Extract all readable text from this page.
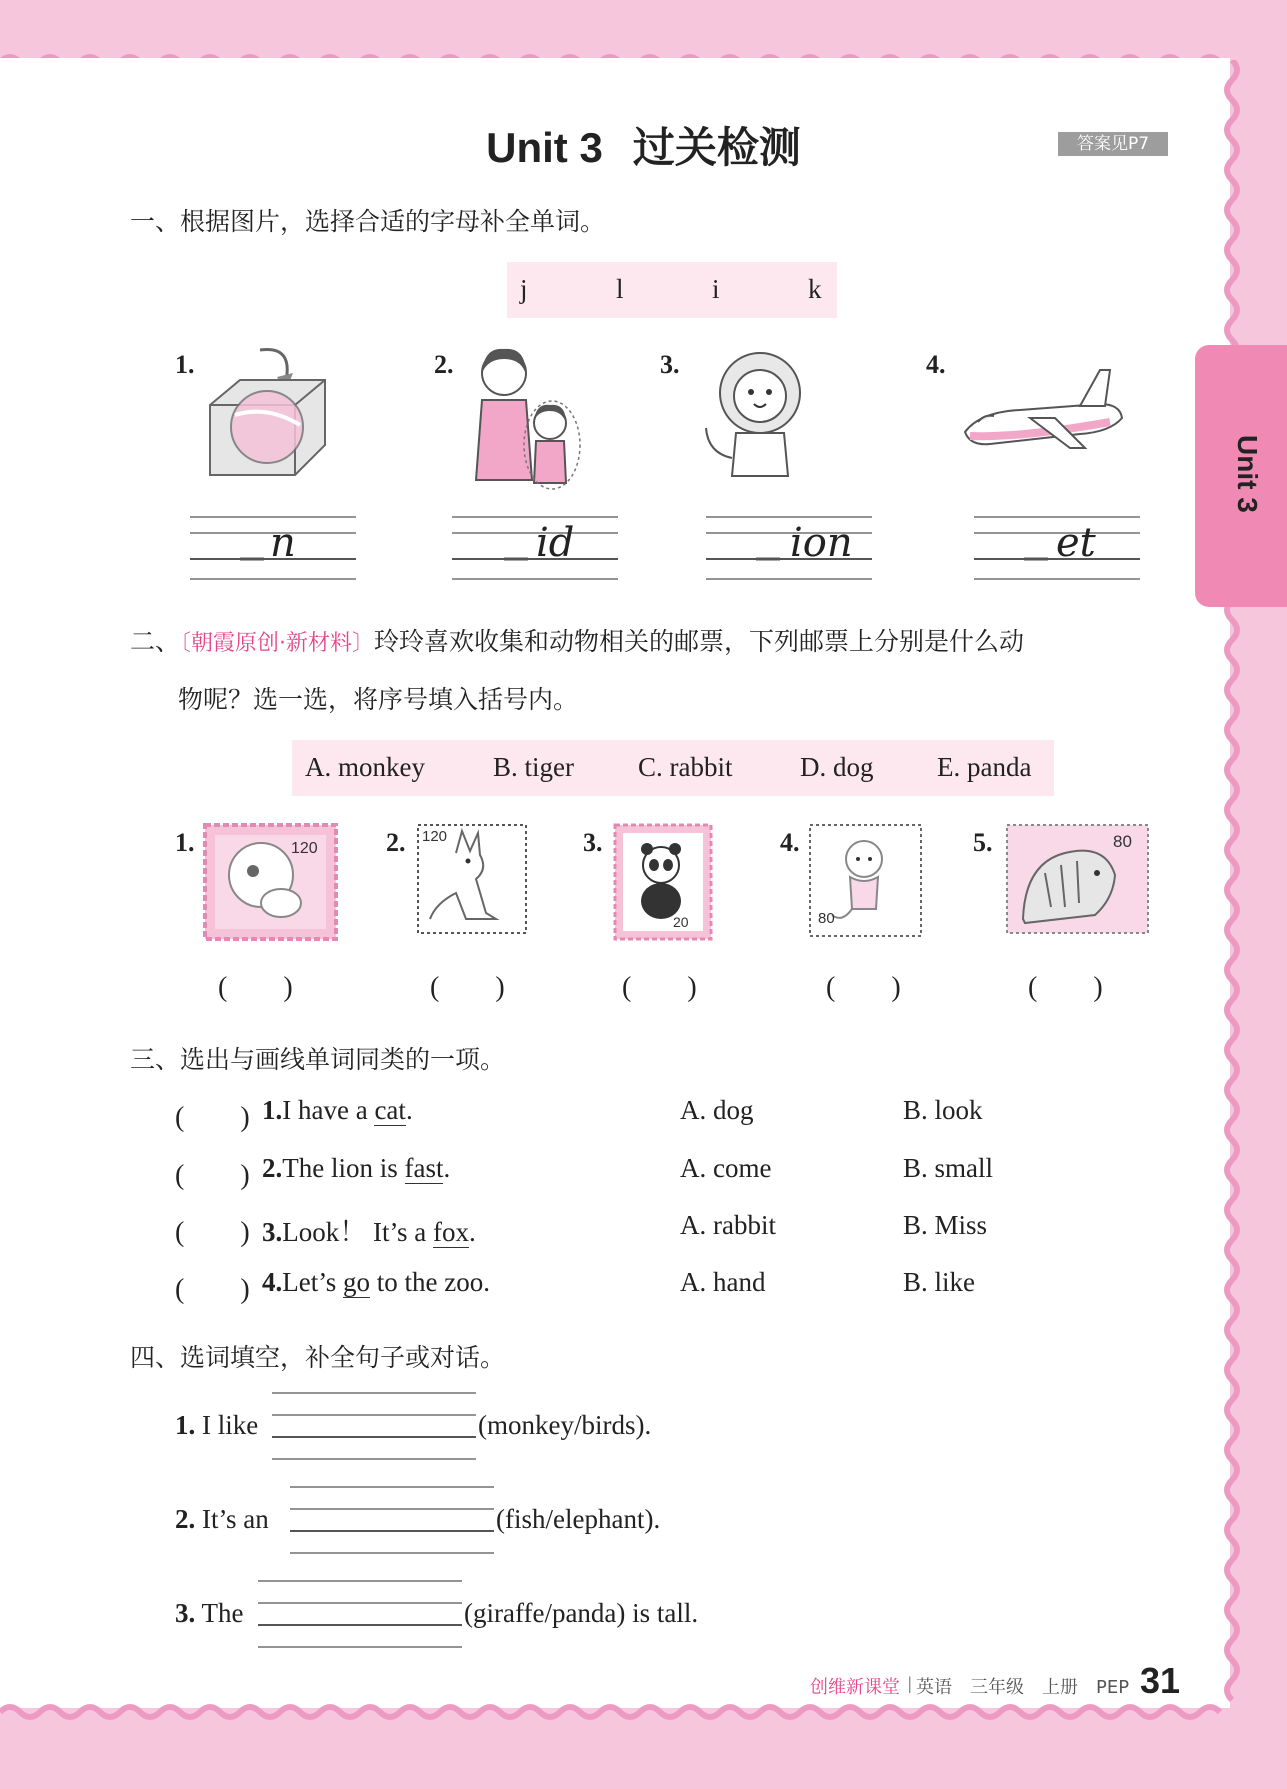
Unit 3 过关检测	答案见P7
Unit 3
一、根据图片，选择合适的字母补全单词。
j	l	i	k
1.	2.	3.	4.
n	id	ion	et
二、〔朝霞原创·新材料〕玲玲喜欢收集和动物相关的邮票，下列邮票上分别是什么动
物呢？选一选，将序号填入括号内。
A. monkey	B. tiger C. rabbit	D. dog E. panda
1.	2.	3.	4.	5.
120
120
20	80
80
(　　)	(　　)	(　　)	(　　)	(　　)
三、选出与画线单词同类的一项。
(　　) 1.I have a cat.	A. dog	B. look
(　　) 2.The lion is fast.	A. come	B. small
(　　) 3.Look！ It’s a fox.	A. rabbit	B. Miss
(　　) 4.Let’s go to the zoo.	A. hand	B. like
四、选词填空，补全句子或对话。
1. I like	(monkey/birds).
2. It’s an	(fish/elephant).
3. The	(giraffe/panda) is tall.
创维新课堂 | 英语　三年级　上册　PEP 31
